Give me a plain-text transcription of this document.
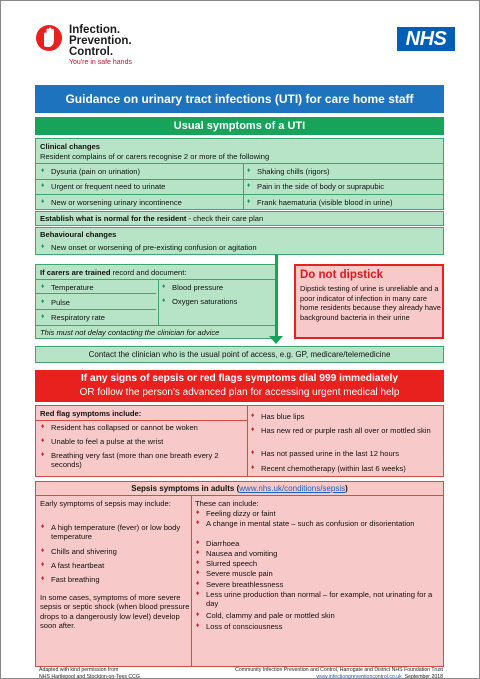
Infection.
Prevention.
Control.
You're in safe hands
NHS
Guidance on urinary tract infections (UTI) for care home staff
Usual symptoms of a UTI
Clinical changes
Resident complains of or carers recognise 2 or more of the following
♦ Dysuria (pain on urination)
♦ Urgent or frequent need to urinate
♦ New or worsening urinary incontinence
♦ Shaking chills (rigors)
♦ Pain in the side of body or suprapubic
♦ Frank haematuria (visible blood in urine)
Establish what is normal for the resident - check their care plan
Behavioural changes
♦ New onset or worsening of pre-existing confusion or agitation
If carers are trained record and document:
♦ Temperature
♦ Pulse
♦ Respiratory rate
♦ Blood pressure
♦ Oxygen saturations
This must not delay contacting the clinician for advice
Do not dipstick
Dipstick testing of urine is unreliable and a poor indicator of infection in many care home residents because they already have background bacteria in their urine
Contact the clinician who is the usual point of access, e.g. GP, medicare/telemedicine
If any signs of sepsis or red flags symptoms dial 999 immediately
OR follow the person's advanced plan for accessing urgent medical help
Red flag symptoms include:
♦ Resident has collapsed or cannot be woken
♦ Unable to feel a pulse at the wrist
♦ Breathing very fast (more than one breath every 2 seconds)
♦ Has blue lips
♦ Has new red or purple rash all over or mottled skin
♦ Has not passed urine in the last 12 hours
♦ Recent chemotherapy (within last 6 weeks)
Sepsis symptoms in adults (www.nhs.uk/conditions/sepsis)
Early symptoms of sepsis may include:
♦ A high temperature (fever) or low body temperature
♦ Chills and shivering
♦ A fast heartbeat
♦ Fast breathing
In some cases, symptoms of more severe sepsis or septic shock (when blood pressure drops to a dangerously low level) develop soon after.
These can include:
♦ Feeling dizzy or faint
♦ A change in mental state – such as confusion or disorientation
♦ Diarrhoea
♦ Nausea and vomiting
♦ Slurred speech
♦ Severe muscle pain
♦ Severe breathlessness
♦ Less urine production than normal – for example, not urinating for a day
♦ Cold, clammy and pale or mottled skin
♦ Loss of consciousness
Adapted with kind permission from
NHS Hartlepool and Stockton-on-Tees CCG
Community Infection Prevention and Control, Harrogate and District NHS Foundation Trust
www.infectionpreventioncontrol.co.uk September 2018
